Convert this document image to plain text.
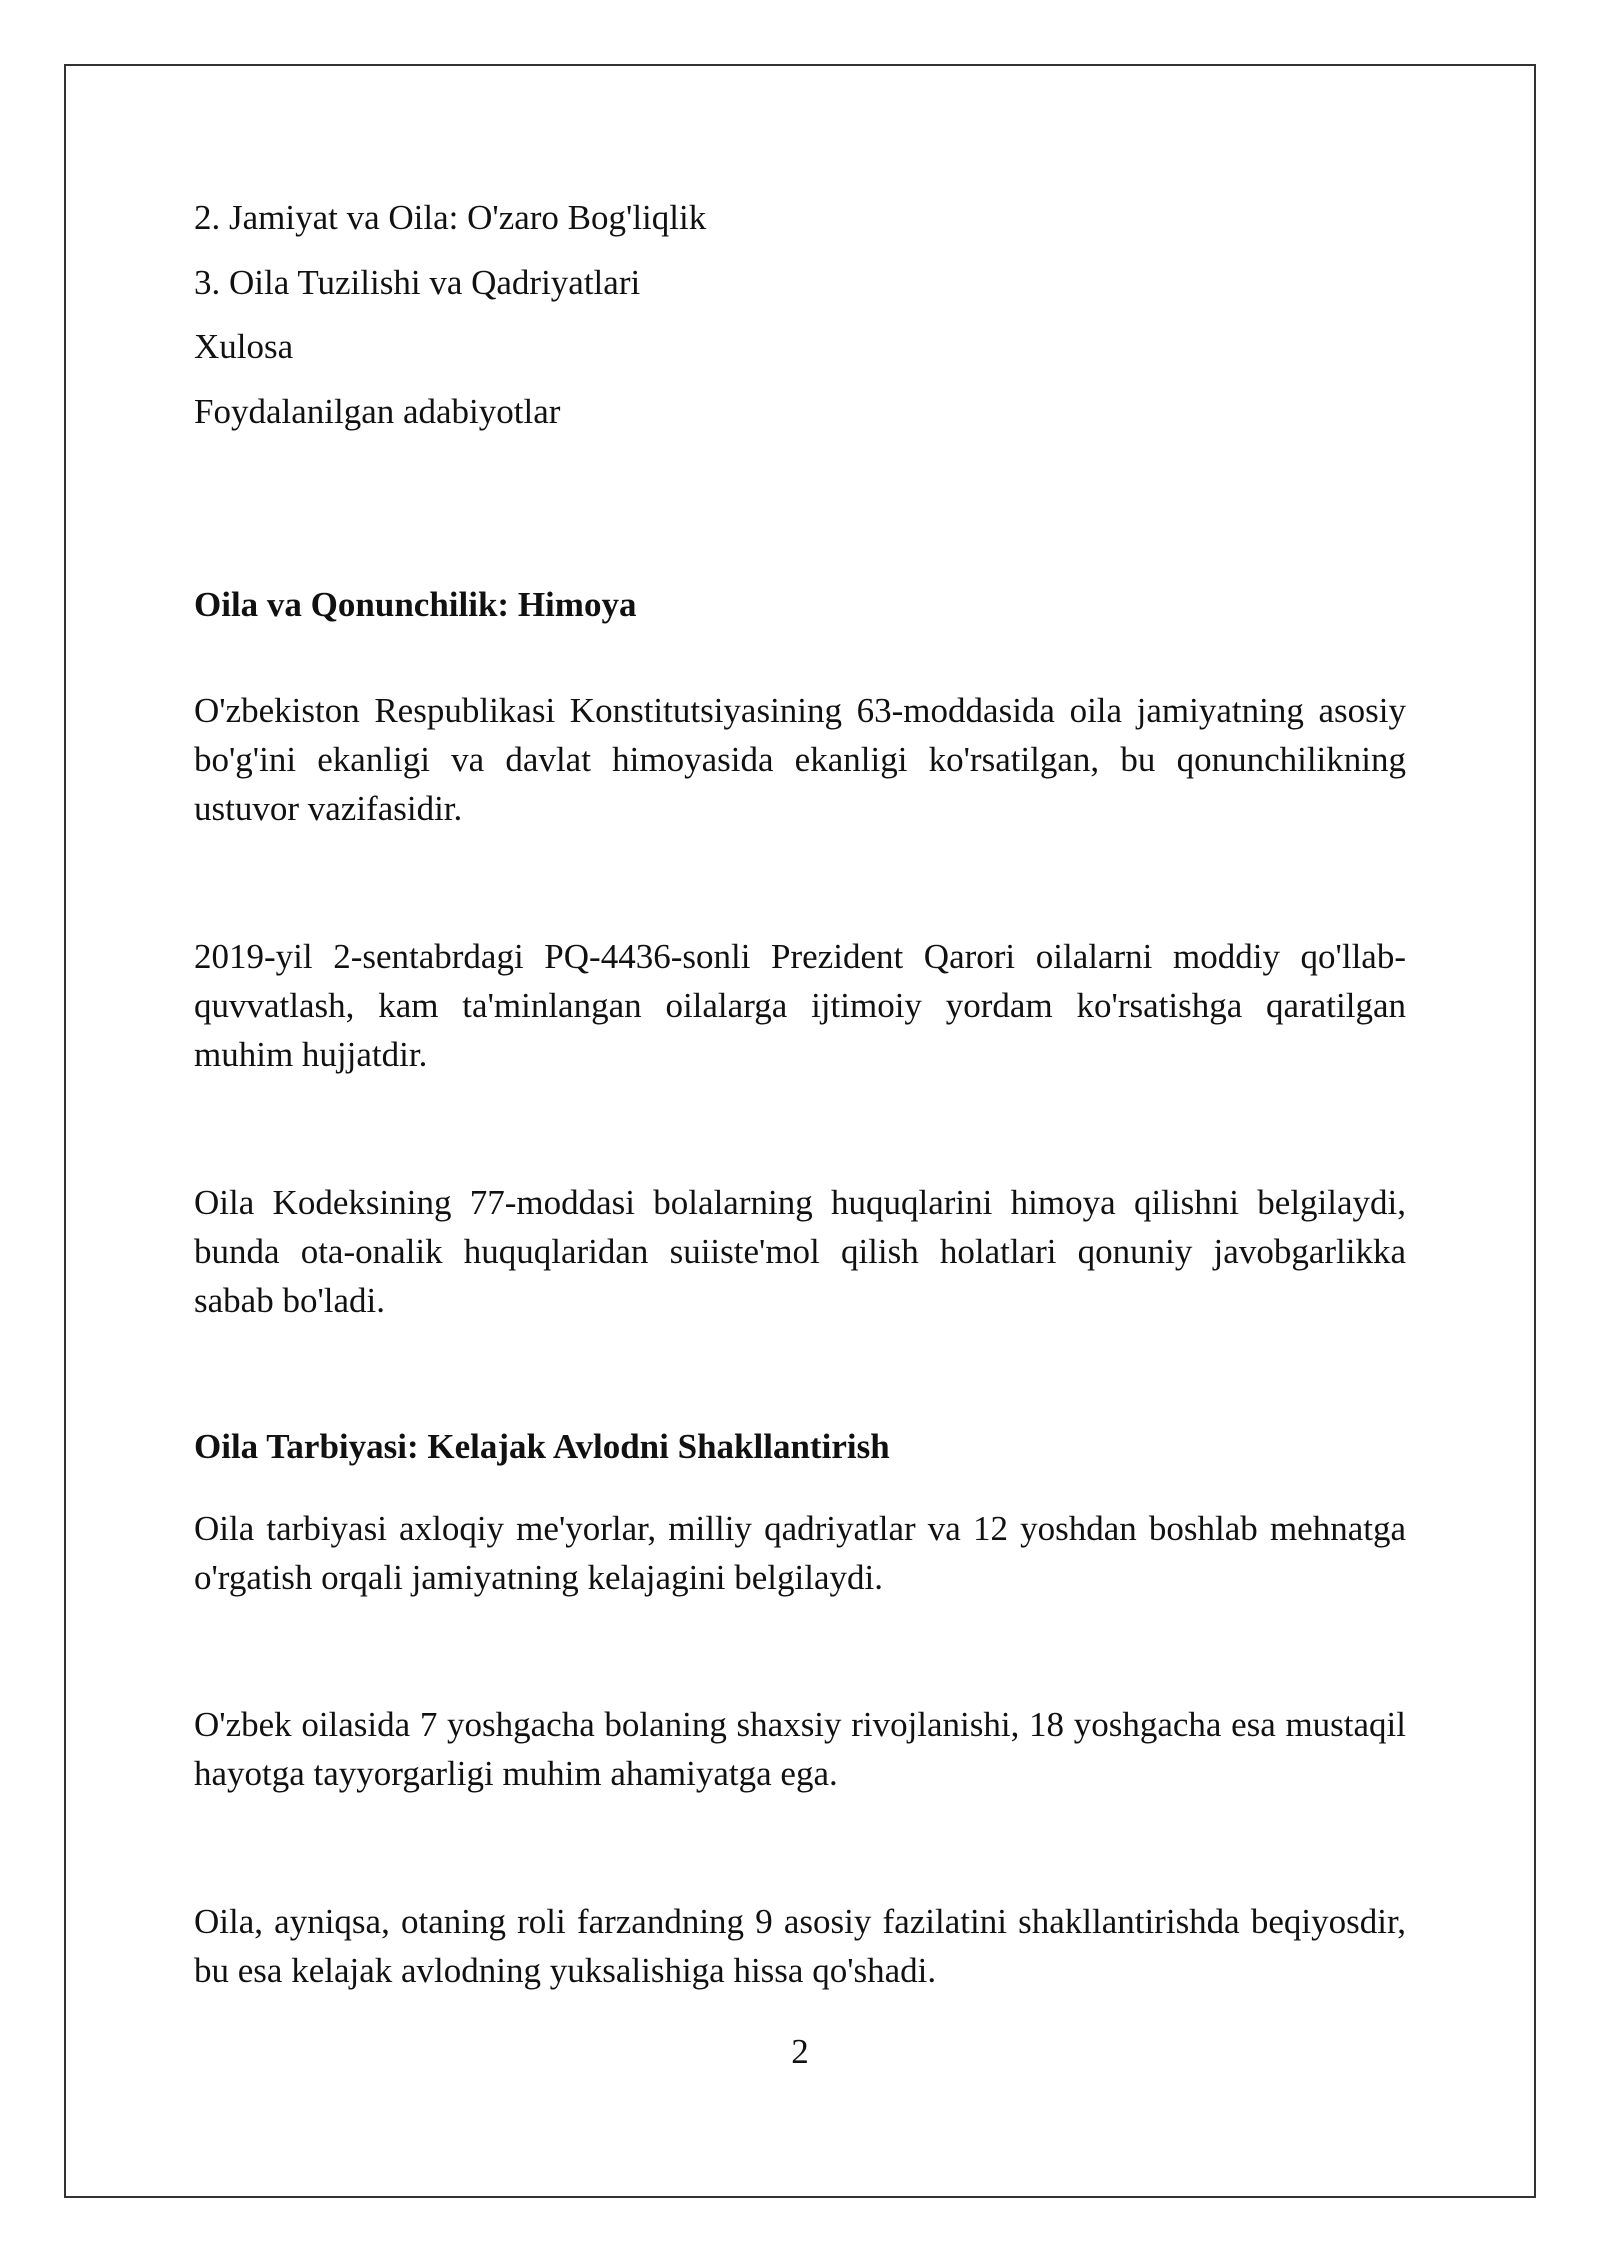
2. Jamiyat va Oila: O'zaro Bog'liqlik
3. Oila Tuzilishi va Qadriyatlari
Xulosa
Foydalanilgan adabiyotlar
Oila va Qonunchilik: Himoya

O'zbekiston Respublikasi Konstitutsiyasining 63-moddasida oila jamiyatning asosiy bo'g'ini ekanligi va davlat himoyasida ekanligi ko'rsatilgan, bu qonunchilikning ustuvor vazifasidir.

2019-yil 2-sentabrdagi PQ-4436-sonli Prezident Qarori oilalarni moddiy qo'llab-quvvatlash, kam ta'minlangan oilalarga ijtimoiy yordam ko'rsatishga qaratilgan muhim hujjatdir.

Oila Kodeksining 77-moddasi bolalarning huquqlarini himoya qilishni belgilaydi, bunda ota-onalik huquqlaridan suiiste'mol qilish holatlari qonuniy javobgarlikka sabab bo'ladi.

Oila Tarbiyasi: Kelajak Avlodni Shakllantirish

Oila tarbiyasi axloqiy me'yorlar, milliy qadriyatlar va 12 yoshdan boshlab mehnatga o'rgatish orqali jamiyatning kelajagini belgilaydi.

O'zbek oilasida 7 yoshgacha bolaning shaxsiy rivojlanishi, 18 yoshgacha esa mustaqil hayotga tayyorgarligi muhim ahamiyatga ega.

Oila, ayniqsa, otaning roli farzandning 9 asosiy fazilatini shakllantirishda beqiyosdir, bu esa kelajak avlodning yuksalishiga hissa qo'shadi.

2
